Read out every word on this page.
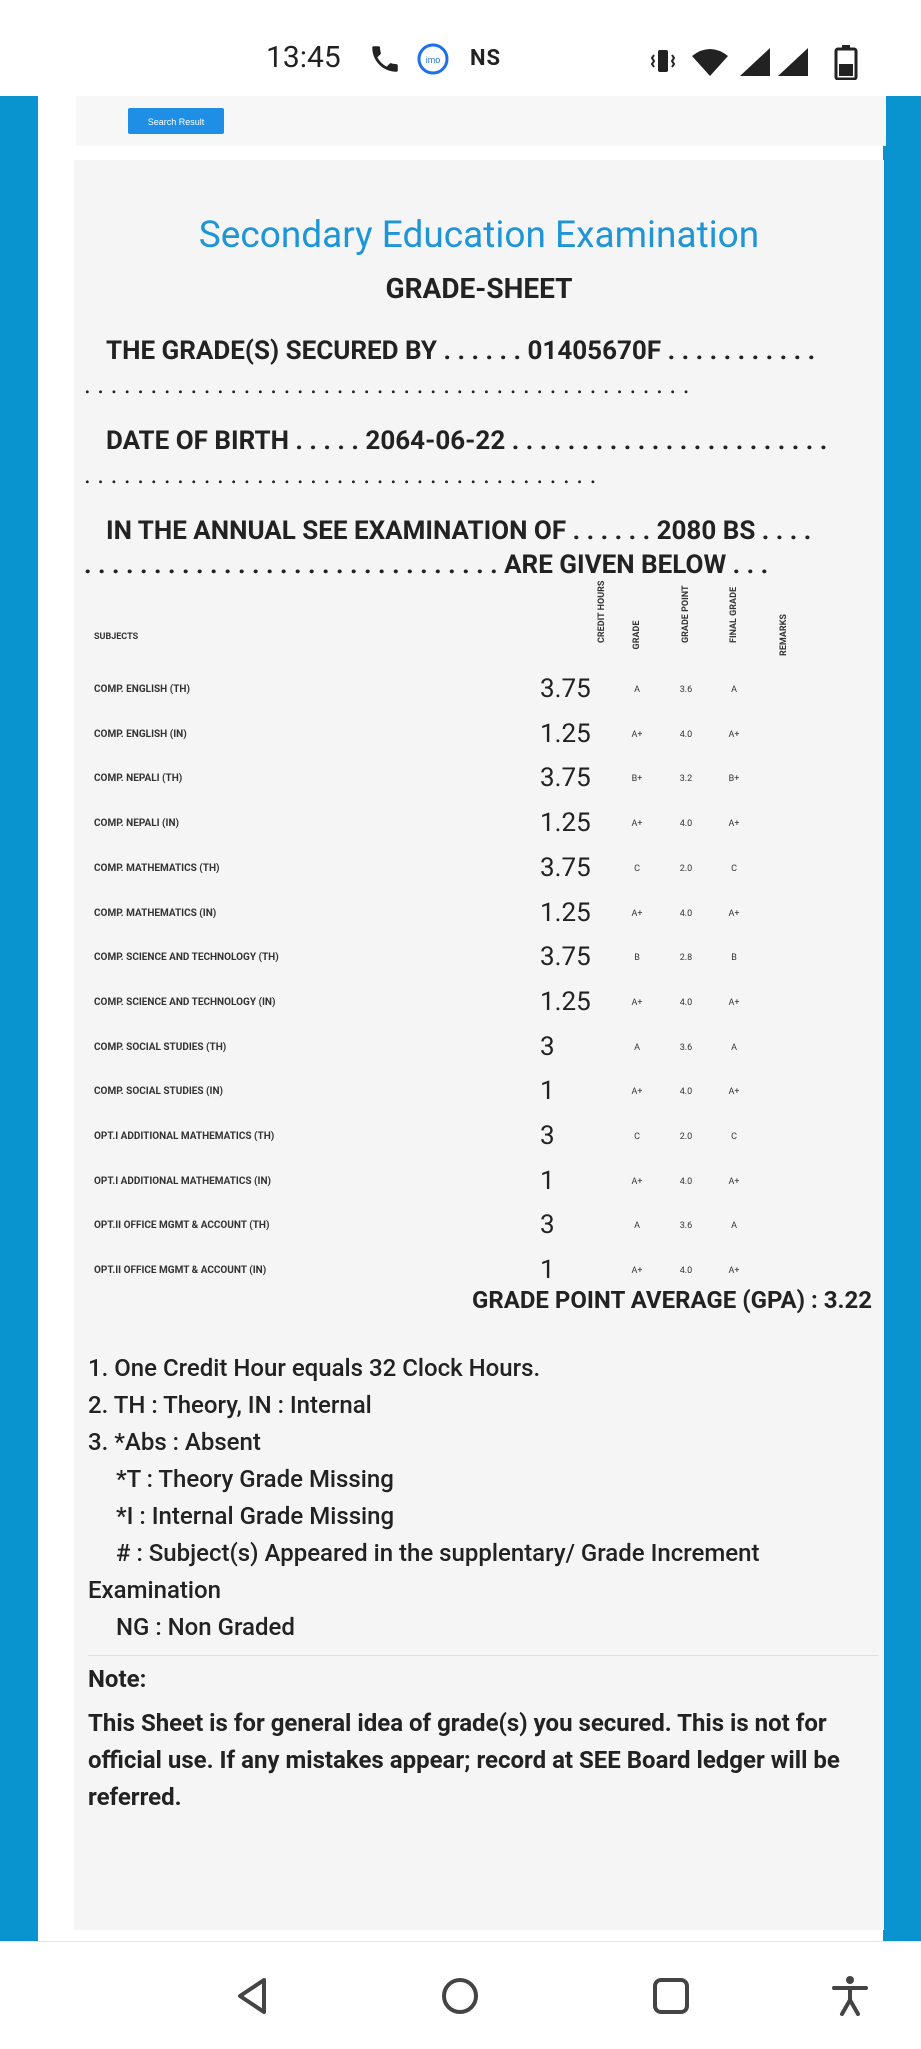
13:45	imo NS
Search Result
Secondary Education Examination
GRADE-SHEET
THE GRADE(S) SECURED BY . . . . . . 01405670F . . . . . . . . . . .
. . . . . . . . . . . . . . . . . . . . . . . . . . . . . . . . . . . . . . . . . . . . . .
DATE OF BIRTH . . . . . 2064-06-22 . . . . . . . . . . . . . . . . . . . . . . .
. . . . . . . . . . . . . . . . . . . . . . . . . . . . . . . . . . . . . . .
IN THE ANNUAL SEE EXAMINATION OF . . . . . . 2080 BS . . . .
. . . . . . . . . . . . . . . . . . . . . . . . . . . . . . ARE GIVEN BELOW . . .
SUBJECTS	CREDIT HOURS	GRADE	GRADE POINT	FINAL GRADE	REMARKS
COMP. ENGLISH (TH)	3.75	A	3.6	A
COMP. ENGLISH (IN)	1.25	A+	4.0	A+
COMP. NEPALI (TH)	3.75	B+	3.2	B+
COMP. NEPALI (IN)	1.25	A+	4.0	A+
COMP. MATHEMATICS (TH)	3.75	C	2.0	C
COMP. MATHEMATICS (IN)	1.25	A+	4.0	A+
COMP. SCIENCE AND TECHNOLOGY (TH)	3.75	B	2.8	B
COMP. SCIENCE AND TECHNOLOGY (IN)	1.25	A+	4.0	A+
COMP. SOCIAL STUDIES (TH)	3	A	3.6	A
COMP. SOCIAL STUDIES (IN)	1	A+	4.0	A+
OPT.I ADDITIONAL MATHEMATICS (TH)	3	C	2.0	C
OPT.I ADDITIONAL MATHEMATICS (IN)	1	A+	4.0	A+
OPT.II OFFICE MGMT & ACCOUNT (TH)	3	A	3.6	A
OPT.II OFFICE MGMT & ACCOUNT (IN)	1	A+	4.0	A+
GRADE POINT AVERAGE (GPA) : 3.22
1. One Credit Hour equals 32 Clock Hours.
2. TH : Theory, IN : Internal
3. *Abs : Absent
*T : Theory Grade Missing
*I : Internal Grade Missing
# : Subject(s) Appeared in the supplentary/ Grade Increment
Examination
NG : Non Graded
Note:
This Sheet is for general idea of grade(s) you secured. This is not for official use. If any mistakes appear; record at SEE Board ledger will be referred.
